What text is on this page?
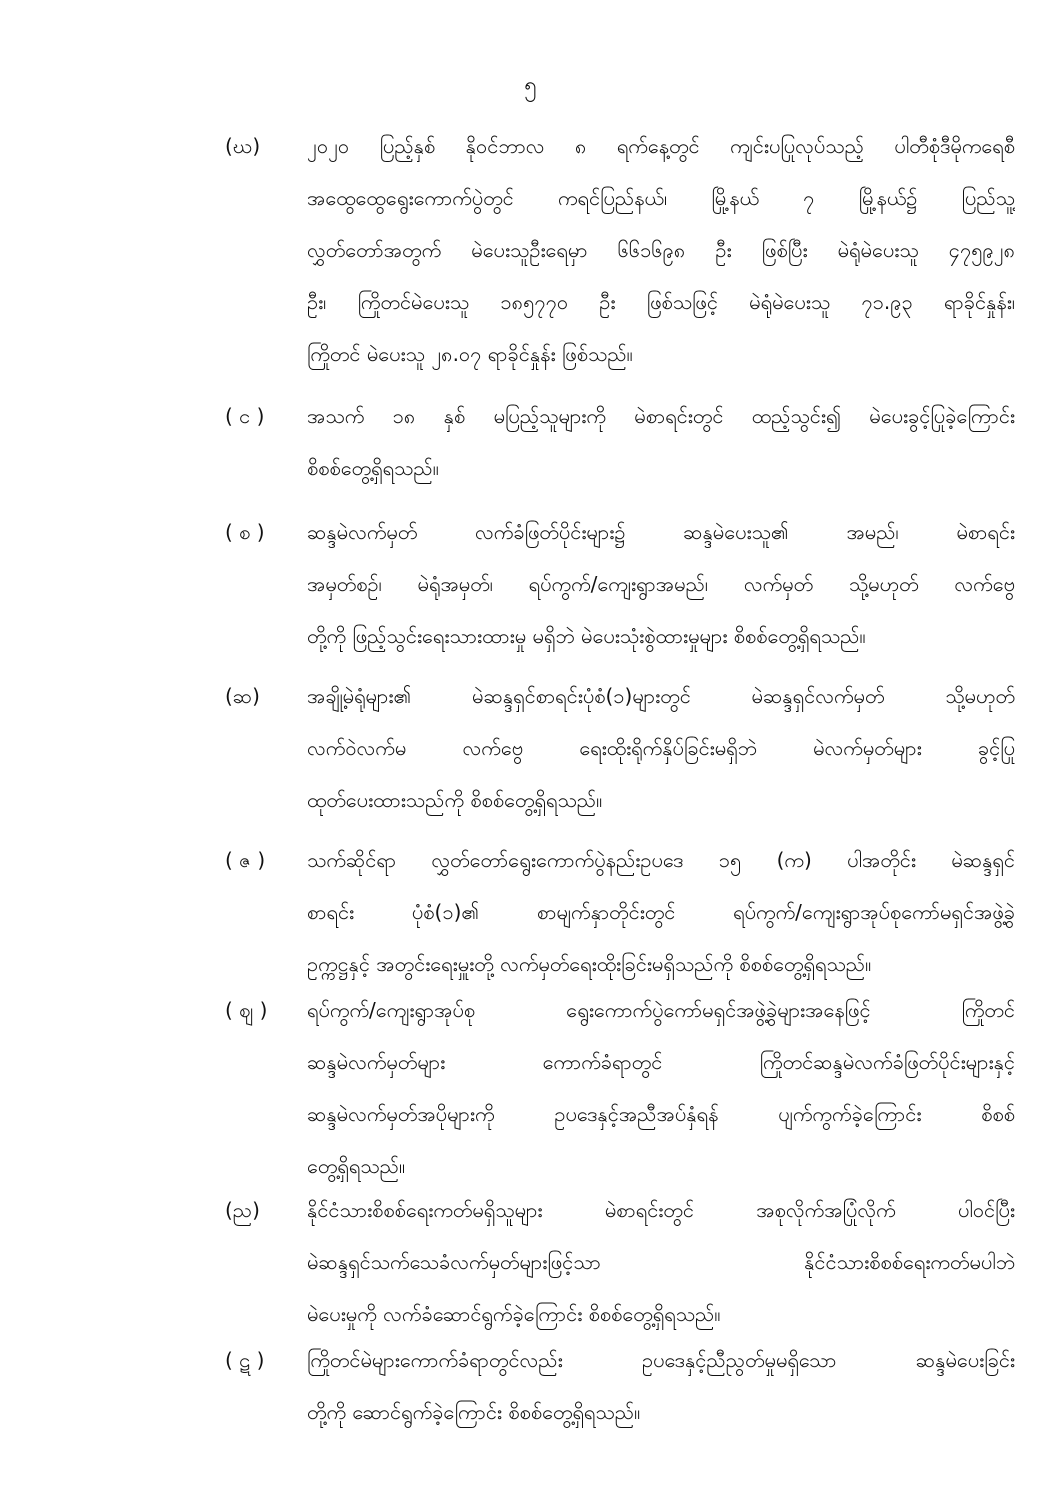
၅
(ဃ)	၂၀၂၀ ပြည့်နှစ် နိုဝင်ဘာလ ၈ ရက်နေ့တွင် ကျင်းပပြုလုပ်သည့် ပါတီစုံဒီမိုကရေစီ
အထွေထွေရွေးကောက်ပွဲတွင် ကရင်ပြည်နယ်၊ မြို့နယ် ၇ မြို့နယ်၌ ပြည်သူ့
လွှတ်တော်အတွက် မဲပေးသူဦးရေမှာ ၆၆၁၆၉၈ ဦး ဖြစ်ပြီး မဲရုံမဲပေးသူ ၄၇၅၉၂၈
ဦး၊ ကြိုတင်မဲပေးသူ ၁၈၅၇၇၀ ဦး ဖြစ်သဖြင့် မဲရုံမဲပေးသူ ၇၁.၉၃ ရာခိုင်နှုန်း၊
ကြိုတင် မဲပေးသူ ၂၈.၀၇ ရာခိုင်နှုန်း ဖြစ်သည်။
( င )	အသက် ၁၈ နှစ် မပြည့်သူများကို မဲစာရင်းတွင် ထည့်သွင်း၍ မဲပေးခွင့်ပြုခဲ့ကြောင်း
စိစစ်တွေ့ရှိရသည်။
( စ )	ဆန္ဒမဲလက်မှတ် လက်ခံဖြတ်ပိုင်းများ၌ ဆန္ဒမဲပေးသူ၏ အမည်၊ မဲစာရင်း
အမှတ်စဉ်၊ မဲရုံအမှတ်၊ ရပ်ကွက်/ကျေးရွာအမည်၊ လက်မှတ် သို့မဟုတ် လက်ဗွေ
တို့ကို ဖြည့်သွင်းရေးသားထားမှု မရှိဘဲ မဲပေးသုံးစွဲထားမှုများ စိစစ်တွေ့ရှိရသည်။
(ဆ)	အချို့မဲရုံများ၏ မဲဆန္ဒရှင်စာရင်းပုံစံ(၁)များတွင် မဲဆန္ဒရှင်လက်မှတ် သို့မဟုတ်
လက်ဝဲလက်မ လက်ဗွေ ရေးထိုးရိုက်နှိပ်ခြင်းမရှိဘဲ မဲလက်မှတ်များ ခွင့်ပြု
ထုတ်ပေးထားသည်ကို စိစစ်တွေ့ရှိရသည်။
( ဇ )	သက်ဆိုင်ရာ လွှတ်တော်ရွေးကောက်ပွဲနည်းဥပဒေ ၁၅ (က) ပါအတိုင်း မဲဆန္ဒရှင်
စာရင်း ပုံစံ(၁)၏ စာမျက်နှာတိုင်းတွင် ရပ်ကွက်/ကျေးရွာအုပ်စုကော်မရှင်အဖွဲ့ခွဲ
ဥက္ကဋ္ဌနှင့် အတွင်းရေးမှူးတို့ လက်မှတ်ရေးထိုးခြင်းမရှိသည်ကို စိစစ်တွေ့ရှိရသည်။
( ဈ )	ရပ်ကွက်/ကျေးရွာအုပ်စု ရွေးကောက်ပွဲကော်မရှင်အဖွဲ့ခွဲများအနေဖြင့် ကြိုတင်
ဆန္ဒမဲလက်မှတ်များ ကောက်ခံရာတွင် ကြိုတင်ဆန္ဒမဲလက်ခံဖြတ်ပိုင်းများနှင့်
ဆန္ဒမဲလက်မှတ်အပိုများကို ဥပဒေနှင့်အညီအပ်နှံရန် ပျက်ကွက်ခဲ့ကြောင်း စိစစ်
တွေ့ရှိရသည်။
(ည)	နိုင်ငံသားစိစစ်ရေးကတ်မရှိသူများ မဲစာရင်းတွင် အစုလိုက်အပြုံလိုက် ပါဝင်ပြီး
မဲဆန္ဒရှင်သက်သေခံလက်မှတ်များဖြင့်သာ နိုင်ငံသားစိစစ်ရေးကတ်မပါဘဲ
မဲပေးမှုကို လက်ခံဆောင်ရွက်ခဲ့ကြောင်း စိစစ်တွေ့ရှိရသည်။
( ဋ )	ကြိုတင်မဲများကောက်ခံရာတွင်လည်း ဥပဒေနှင့်ညီညွတ်မှုမရှိသော ဆန္ဒမဲပေးခြင်း
တို့ကို ဆောင်ရွက်ခဲ့ကြောင်း စိစစ်တွေ့ရှိရသည်။
